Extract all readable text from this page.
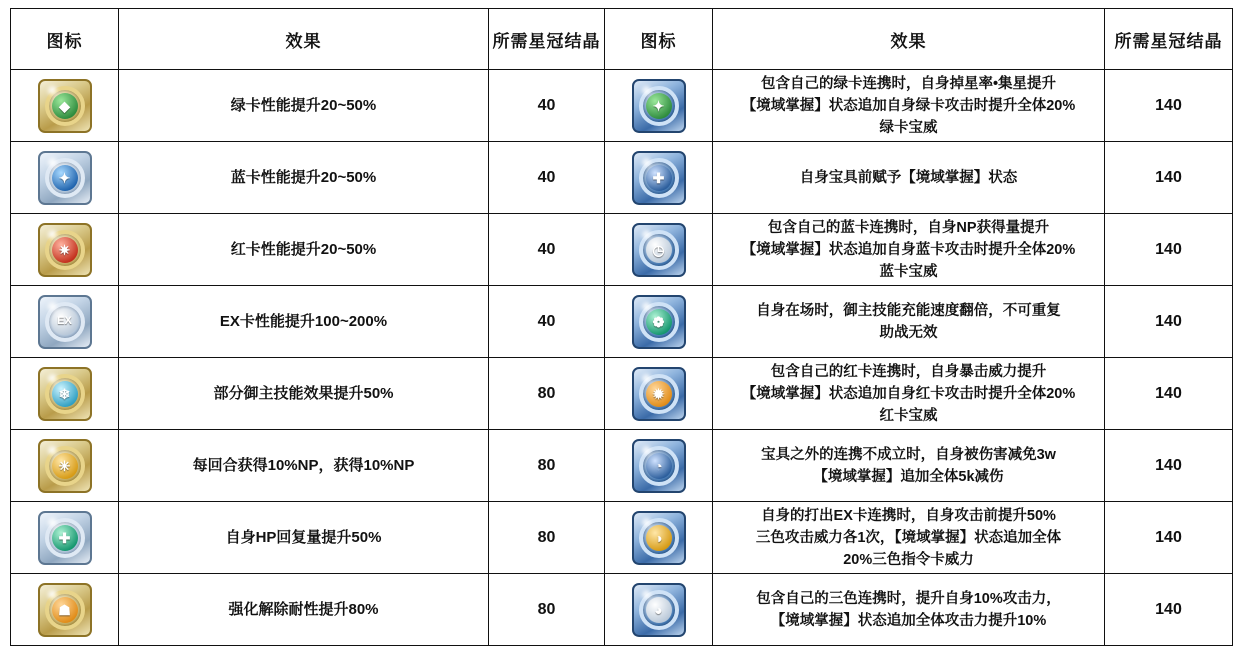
图标	效果	所需星冠结晶	图标	效果	所需星冠结晶

◆	绿卡性能提升20~50%	40	✦	包含自己的绿卡连携时，自身掉星率•集星提升
【境域掌握】状态追加自身绿卡攻击时提升全体20%
绿卡宝威	140

✦	蓝卡性能提升20~50%	40	✚	自身宝具前赋予【境域掌握】状态	140

✷	红卡性能提升20~50%	40	◷	包含自己的蓝卡连携时，自身NP获得量提升
【境域掌握】状态追加自身蓝卡攻击时提升全体20%
蓝卡宝威	140

EX	EX卡性能提升100~200%	40	❁	自身在场时，御主技能充能速度翻倍，不可重复
助战无效	140

❄	部分御主技能效果提升50%	80	✹	包含自己的红卡连携时，自身暴击威力提升
【境域掌握】状态追加自身红卡攻击时提升全体20%
红卡宝威	140

✳	每回合获得10%NP，获得10%NP	80	◔	宝具之外的连携不成立时，自身被伤害减免3w
【境域掌握】追加全体5k减伤	140

✚	自身HP回复量提升50%	80	◑	自身的打出EX卡连携时，自身攻击前提升50%
三色攻击威力各1次，【境域掌握】状态追加全体
20%三色指令卡威力	140

☗	强化解除耐性提升80%	80	◕	包含自己的三色连携时，提升自身10%攻击力，
【境域掌握】状态追加全体攻击力提升10%	140
